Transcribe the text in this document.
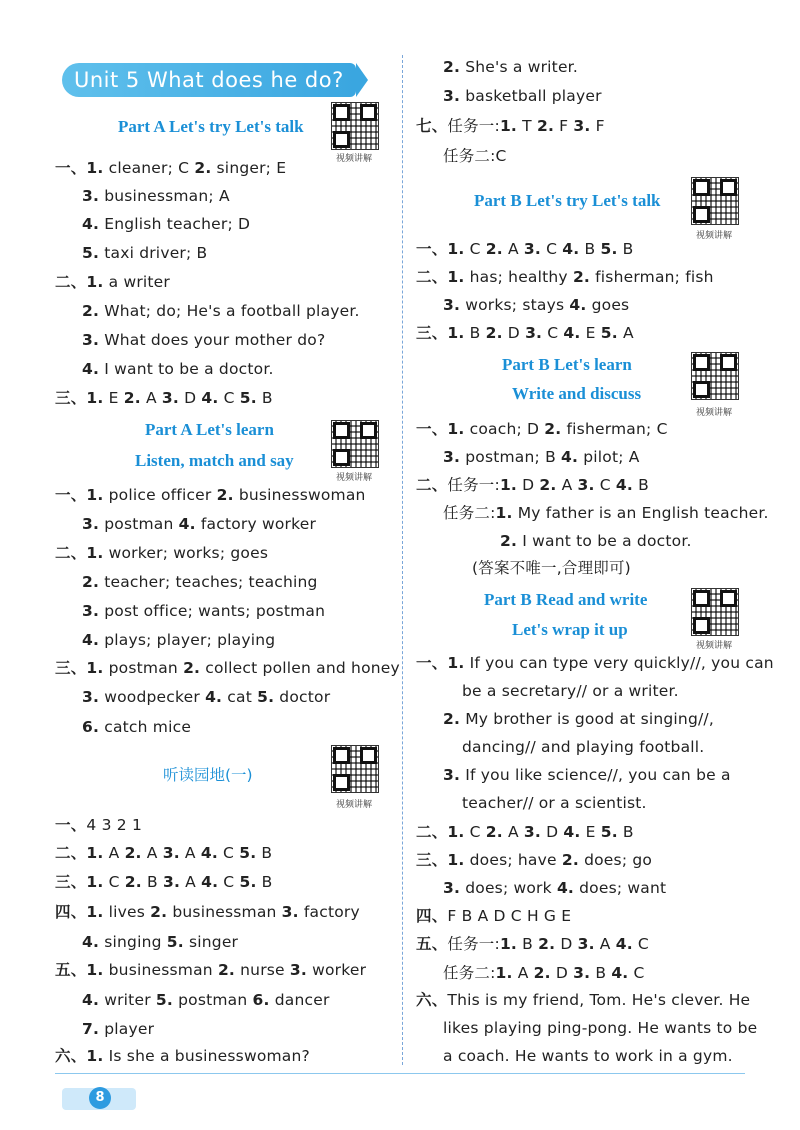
Unit 5 What does he do?
Part A Let's try Let's talk
一、1. cleaner; C 2. singer; E
3. businessman; A
4. English teacher; D
5. taxi driver; B
二、1. a writer
2. What; do; He's a football player.
3. What does your mother do?
4. I want to be a doctor.
三、1. E 2. A 3. D 4. C 5. B
Part A Let's learn
Listen, match and say
一、1. police officer 2. businesswoman
3. postman 4. factory worker
二、1. worker; works; goes
2. teacher; teaches; teaching
3. post office; wants; postman
4. plays; player; playing
三、1. postman 2. collect pollen and honey
3. woodpecker 4. cat 5. doctor
6. catch mice
听读园地(一)
一、4 3 2 1
二、1. A 2. A 3. A 4. C 5. B
三、1. C 2. B 3. A 4. C 5. B
四、1. lives 2. businessman 3. factory
4. singing 5. singer
五、1. businessman 2. nurse 3. worker
4. writer 5. postman 6. dancer
7. player
六、1. Is she a businesswoman?
2. She's a writer.
3. basketball player
七、任务一:1. T 2. F 3. F
任务二:C
Part B Let's try Let's talk
一、1. C 2. A 3. C 4. B 5. B
二、1. has; healthy 2. fisherman; fish
3. works; stays 4. goes
三、1. B 2. D 3. C 4. E 5. A
Part B Let's learn
Write and discuss
一、1. coach; D 2. fisherman; C
3. postman; B 4. pilot; A
二、任务一:1. D 2. A 3. C 4. B
任务二:1. My father is an English teacher.
2. I want to be a doctor.
(答案不唯一,合理即可)
Part B Read and write
Let's wrap it up
一、1. If you can type very quickly//, you can
be a secretary// or a writer.
2. My brother is good at singing//,
dancing// and playing football.
3. If you like science//, you can be a
teacher// or a scientist.
二、1. C 2. A 3. D 4. E 5. B
三、1. does; have 2. does; go
3. does; work 4. does; want
四、F B A D C H G E
五、任务一:1. B 2. D 3. A 4. C
任务二:1. A 2. D 3. B 4. C
六、This is my friend, Tom. He's clever. He
likes playing ping-pong. He wants to be
a coach. He wants to work in a gym.
视频讲解
视频讲解
视频讲解
视频讲解
视频讲解
视频讲解
8
